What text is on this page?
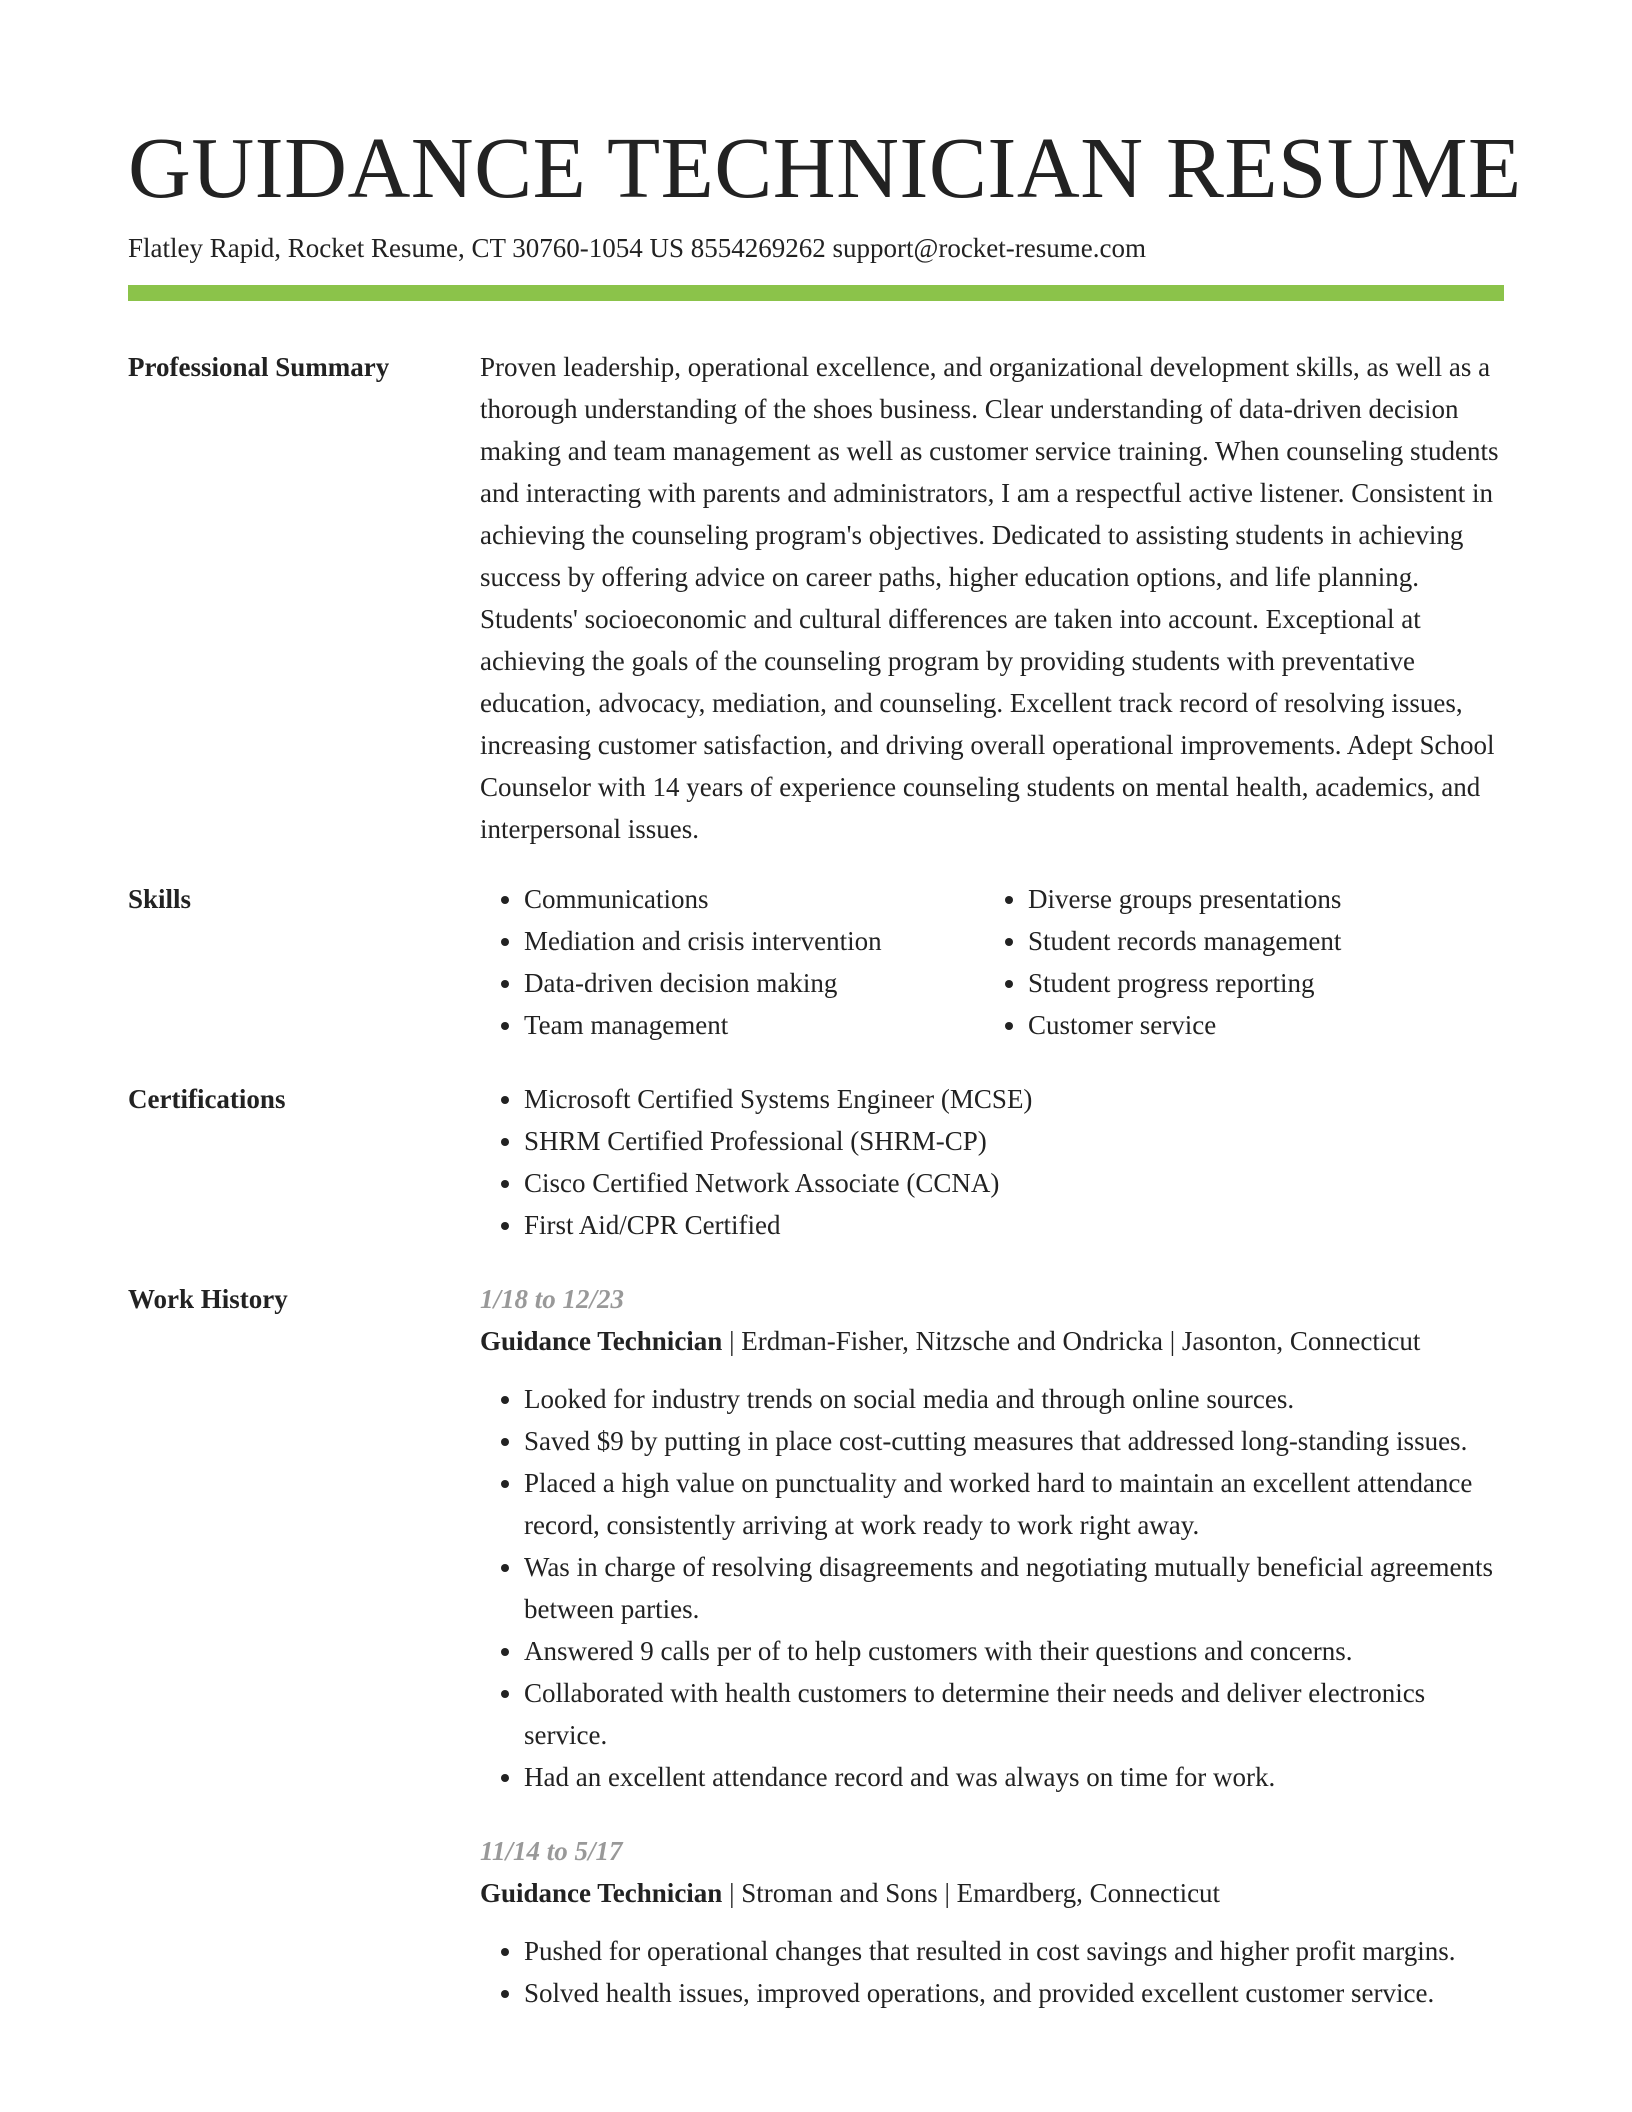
GUIDANCE TECHNICIAN RESUME
Flatley Rapid, Rocket Resume, CT 30760-1054 US 8554269262 support@rocket-resume.com
Professional Summary	Proven leadership, operational excellence, and organizational development skills, as well as a thorough understanding of the shoes business. Clear understanding of data-driven decision making and team management as well as customer service training. When counseling students and interacting with parents and administrators, I am a respectful active listener. Consistent in achieving the counseling program's objectives. Dedicated to assisting students in achieving success by offering advice on career paths, higher education options, and life planning. Students' socioeconomic and cultural differences are taken into account. Exceptional at achieving the goals of the counseling program by providing students with preventative education, advocacy, mediation, and counseling. Excellent track record of resolving issues, increasing customer satisfaction, and driving overall operational improvements. Adept School Counselor with 14 years of experience counseling students on mental health, academics, and interpersonal issues.

Skills	• Communications
• Mediation and crisis intervention
• Data-driven decision making
• Team management
• Diverse groups presentations
• Student records management
• Student progress reporting
• Customer service
Certifications	• Microsoft Certified Systems Engineer (MCSE)
• SHRM Certified Professional (SHRM-CP)
• Cisco Certified Network Associate (CCNA)
• First Aid/CPR Certified
Work History	1/18 to 12/23

Guidance Technician | Erdman-Fisher, Nitzsche and Ondricka | Jasonton, Connecticut

• Looked for industry trends on social media and through online sources.
• Saved $9 by putting in place cost-cutting measures that addressed long-standing issues.
• Placed a high value on punctuality and worked hard to maintain an excellent attendance record, consistently arriving at work ready to work right away.
• Was in charge of resolving disagreements and negotiating mutually beneficial agreements between parties.
• Answered 9 calls per of to help customers with their questions and concerns.
• Collaborated with health customers to determine their needs and deliver electronics service.
• Had an excellent attendance record and was always on time for work.

11/14 to 5/17

Guidance Technician | Stroman and Sons | Emardberg, Connecticut

• Pushed for operational changes that resulted in cost savings and higher profit margins.
• Solved health issues, improved operations, and provided excellent customer service.
